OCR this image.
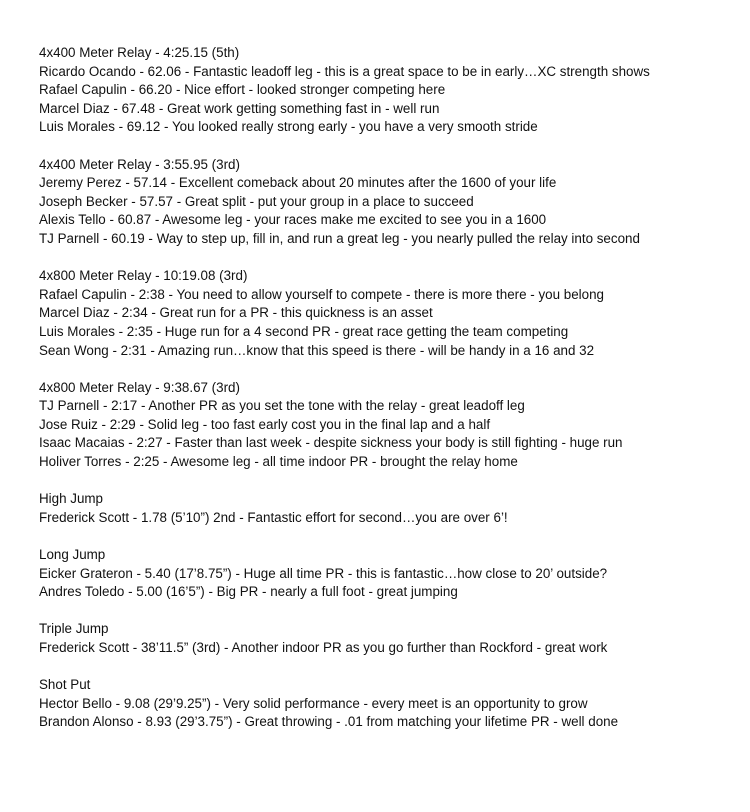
4x400 Meter Relay - 4:25.15 (5th)
Ricardo Ocando - 62.06 - Fantastic leadoff leg - this is a great space to be in early…XC strength shows
Rafael Capulin - 66.20 - Nice effort - looked stronger competing here
Marcel Diaz - 67.48 - Great work getting something fast in - well run
Luis Morales - 69.12 - You looked really strong early - you have a very smooth stride
4x400 Meter Relay - 3:55.95 (3rd)
Jeremy Perez - 57.14 - Excellent comeback about 20 minutes after the 1600 of your life
Joseph Becker - 57.57 - Great split - put your group in a place to succeed
Alexis Tello - 60.87 - Awesome leg - your races make me excited to see you in a 1600
TJ Parnell - 60.19 - Way to step up, fill in, and run a great leg - you nearly pulled the relay into second
4x800 Meter Relay - 10:19.08 (3rd)
Rafael Capulin - 2:38 - You need to allow yourself to compete - there is more there - you belong
Marcel Diaz - 2:34 - Great run for a PR - this quickness is an asset
Luis Morales - 2:35 - Huge run for a 4 second PR - great race getting the team competing
Sean Wong - 2:31 - Amazing run…know that this speed is there - will be handy in a 16 and 32
4x800 Meter Relay - 9:38.67 (3rd)
TJ Parnell - 2:17 - Another PR as you set the tone with the relay - great leadoff leg
Jose Ruiz - 2:29 - Solid leg - too fast early cost you in the final lap and a half
Isaac Macaias - 2:27 - Faster than last week - despite sickness your body is still fighting - huge run
Holiver Torres - 2:25 - Awesome leg - all time indoor PR - brought the relay home
High Jump
Frederick Scott - 1.78 (5’10”) 2nd - Fantastic effort for second…you are over 6’!
Long Jump
Eicker Grateron - 5.40 (17’8.75”) - Huge all time PR - this is fantastic…how close to 20’ outside?
Andres Toledo - 5.00 (16’5”) - Big PR - nearly a full foot - great jumping
Triple Jump
Frederick Scott - 38’11.5” (3rd) - Another indoor PR as you go further than Rockford - great work
Shot Put
Hector Bello - 9.08 (29’9.25”) - Very solid performance - every meet is an opportunity to grow
Brandon Alonso - 8.93 (29’3.75”) - Great throwing - .01 from matching your lifetime PR - well done
